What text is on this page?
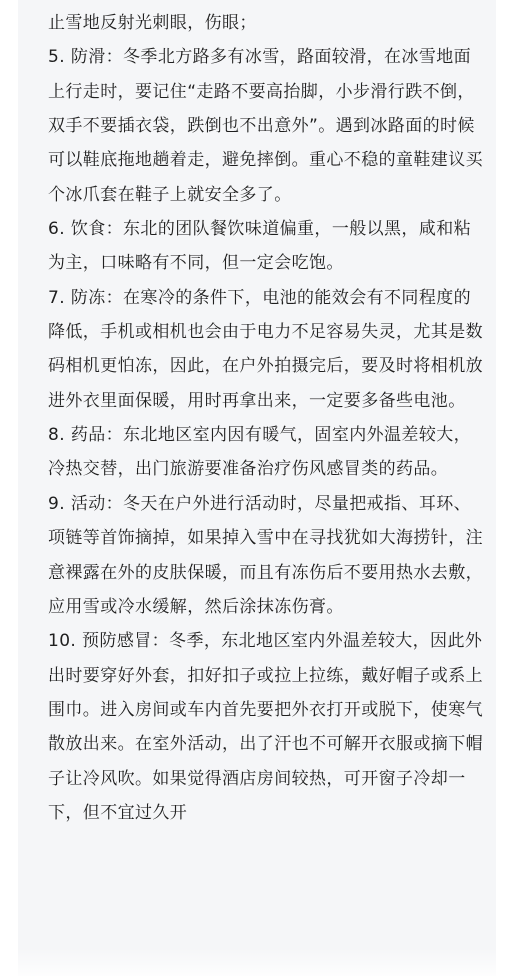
止雪地反射光刺眼，伤眼；
5. 防滑：冬季北方路多有冰雪，路面较滑，在冰雪地面上行走时，要记住“走路不要高抬脚，小步滑行跌不倒，双手不要插衣袋，跌倒也不出意外”。遇到冰路面的时候可以鞋底拖地趟着走，避免摔倒。重心不稳的童鞋建议买个冰爪套在鞋子上就安全多了。
6. 饮食：东北的团队餐饮味道偏重，一般以黑，咸和粘为主，口味略有不同，但一定会吃饱。
7. 防冻：在寒冷的条件下，电池的能效会有不同程度的降低，手机或相机也会由于电力不足容易失灵，尤其是数码相机更怕冻，因此，在户外拍摄完后，要及时将相机放进外衣里面保暖，用时再拿出来，一定要多备些电池。
8. 药品：东北地区室内因有暖气，固室内外温差较大，冷热交替，出门旅游要准备治疗伤风感冒类的药品。
9. 活动：冬天在户外进行活动时，尽量把戒指、耳环、项链等首饰摘掉，如果掉入雪中在寻找犹如大海捞针，注意裸露在外的皮肤保暖，而且有冻伤后不要用热水去敷，应用雪或冷水缓解，然后涂抹冻伤膏。
10. 预防感冒：冬季，东北地区室内外温差较大，因此外出时要穿好外套，扣好扣子或拉上拉练，戴好帽子或系上围巾。进入房间或车内首先要把外衣打开或脱下，使寒气散放出来。在室外活动，出了汗也不可解开衣服或摘下帽子让冷风吹。如果觉得酒店房间较热，可开窗子冷却一下，但不宜过久开
